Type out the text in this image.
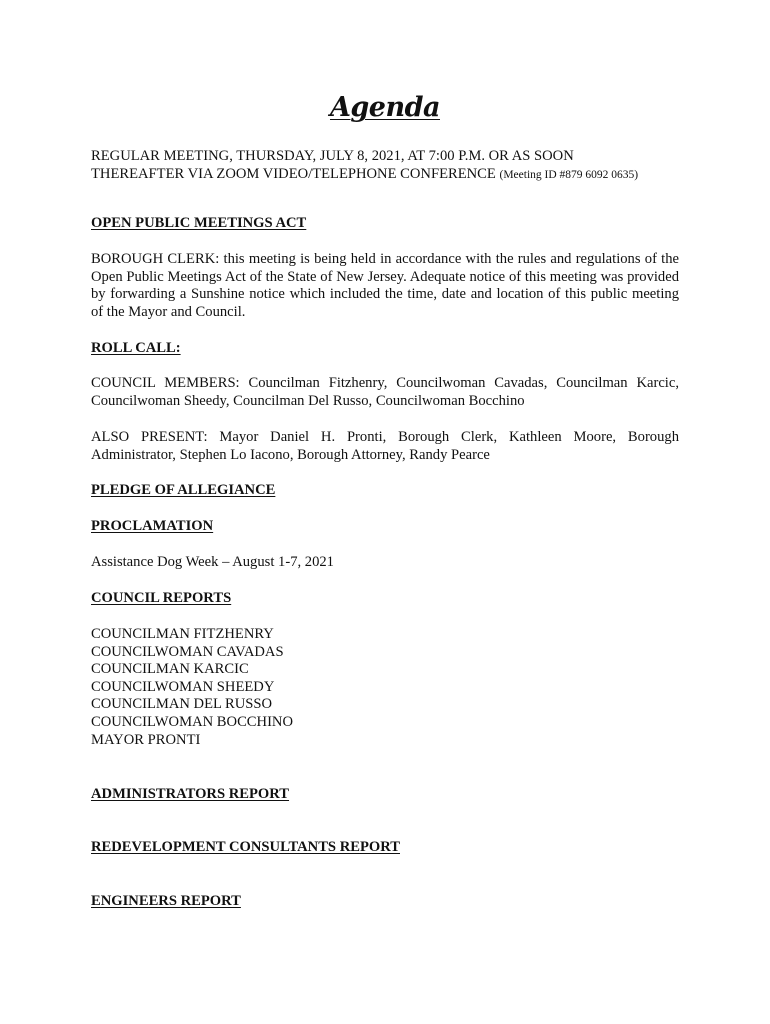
Agenda
REGULAR MEETING, THURSDAY, JULY 8, 2021, AT 7:00 P.M. OR AS SOON
THEREAFTER VIA ZOOM VIDEO/TELEPHONE CONFERENCE (Meeting ID #879 6092 0635)
OPEN PUBLIC MEETINGS ACT
BOROUGH CLERK: this meeting is being held in accordance with the rules and regulations of the Open Public Meetings Act of the State of New Jersey. Adequate notice of this meeting was provided by forwarding a Sunshine notice which included the time, date and location of this public meeting of the Mayor and Council.
ROLL CALL:
COUNCIL MEMBERS: Councilman Fitzhenry, Councilwoman Cavadas, Councilman Karcic, Councilwoman Sheedy, Councilman Del Russo, Councilwoman Bocchino
ALSO PRESENT: Mayor Daniel H. Pronti, Borough Clerk, Kathleen Moore, Borough Administrator, Stephen Lo Iacono, Borough Attorney, Randy Pearce
PLEDGE OF ALLEGIANCE
PROCLAMATION
Assistance Dog Week – August 1-7, 2021
COUNCIL REPORTS
COUNCILMAN FITZHENRY
COUNCILWOMAN CAVADAS
COUNCILMAN KARCIC
COUNCILWOMAN SHEEDY
COUNCILMAN DEL RUSSO
COUNCILWOMAN BOCCHINO
MAYOR PRONTI
ADMINISTRATORS REPORT
REDEVELOPMENT CONSULTANTS REPORT
ENGINEERS REPORT
